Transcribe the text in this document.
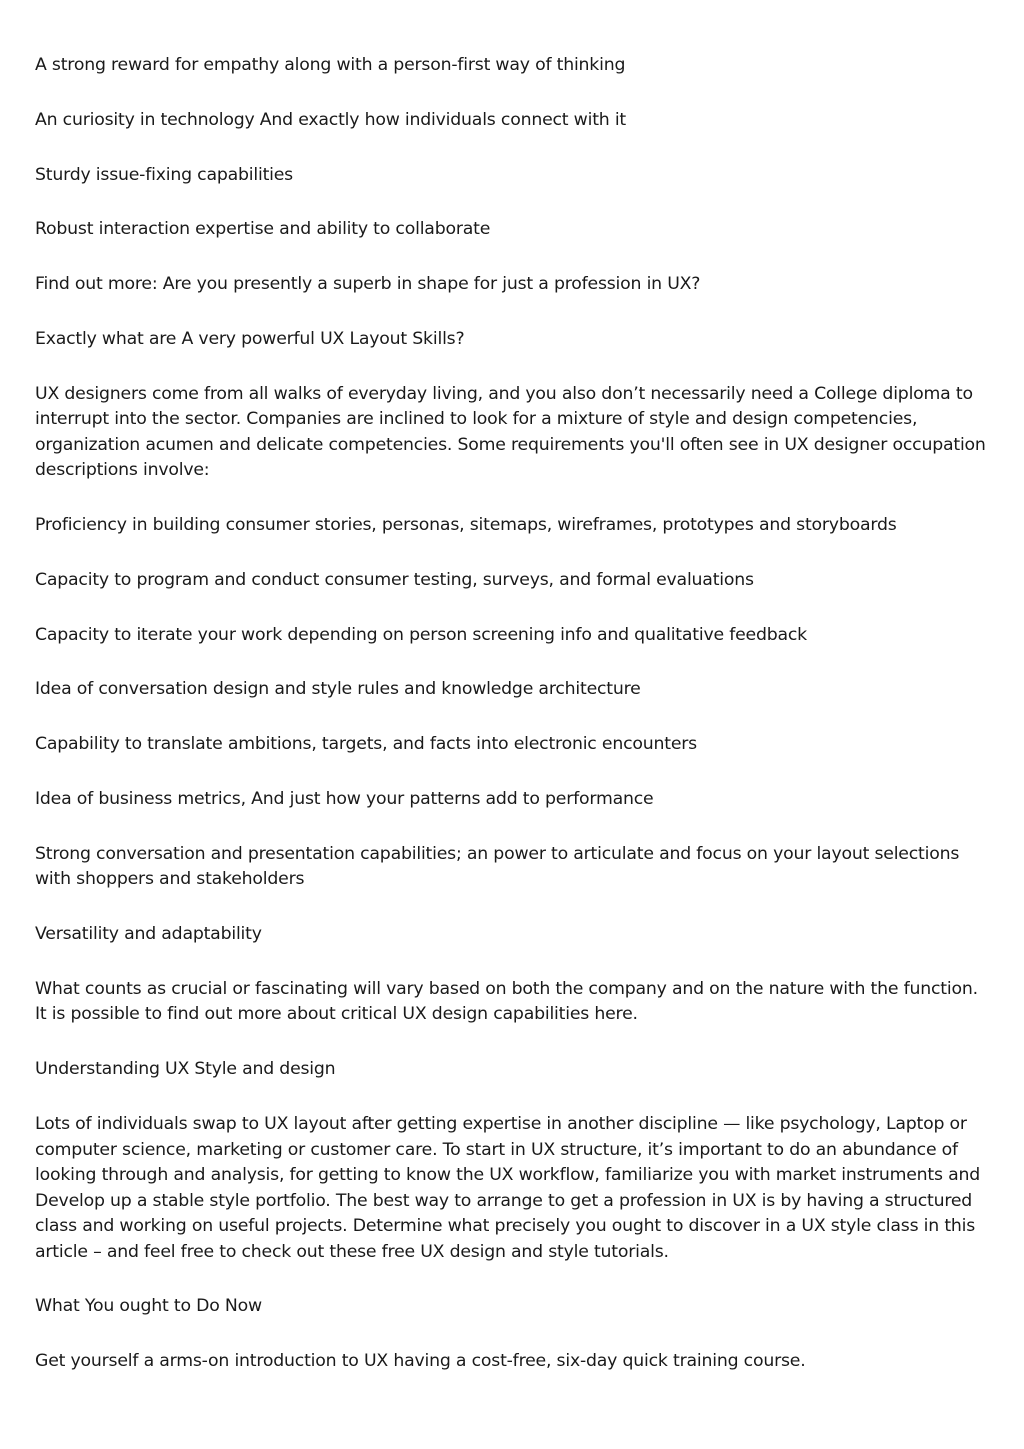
A strong reward for empathy along with a person-first way of thinking

An curiosity in technology And exactly how individuals connect with it

Sturdy issue-fixing capabilities

Robust interaction expertise and ability to collaborate

Find out more: Are you presently a superb in shape for just a profession in UX?

Exactly what are A very powerful UX Layout Skills?

UX designers come from all walks of everyday living, and you also don’t necessarily need a College diploma to interrupt into the sector. Companies are inclined to look for a mixture of style and design competencies, organization acumen and delicate competencies. Some requirements you'll often see in UX designer occupation descriptions involve:

Proficiency in building consumer stories, personas, sitemaps, wireframes, prototypes and storyboards

Capacity to program and conduct consumer testing, surveys, and formal evaluations

Capacity to iterate your work depending on person screening info and qualitative feedback

Idea of conversation design and style rules and knowledge architecture

Capability to translate ambitions, targets, and facts into electronic encounters

Idea of business metrics, And just how your patterns add to performance

Strong conversation and presentation capabilities; an power to articulate and focus on your layout selections with shoppers and stakeholders

Versatility and adaptability

What counts as crucial or fascinating will vary based on both the company and on the nature with the function. It is possible to find out more about critical UX design capabilities here.

Understanding UX Style and design

Lots of individuals swap to UX layout after getting expertise in another discipline — like psychology, Laptop or computer science, marketing or customer care. To start in UX structure, it’s important to do an abundance of looking through and analysis, for getting to know the UX workflow, familiarize you with market instruments and Develop up a stable style portfolio. The best way to arrange to get a profession in UX is by having a structured class and working on useful projects. Determine what precisely you ought to discover in a UX style class in this article – and feel free to check out these free UX design and style tutorials.

What You ought to Do Now

Get yourself a arms-on introduction to UX having a cost-free, six-day quick training course.
